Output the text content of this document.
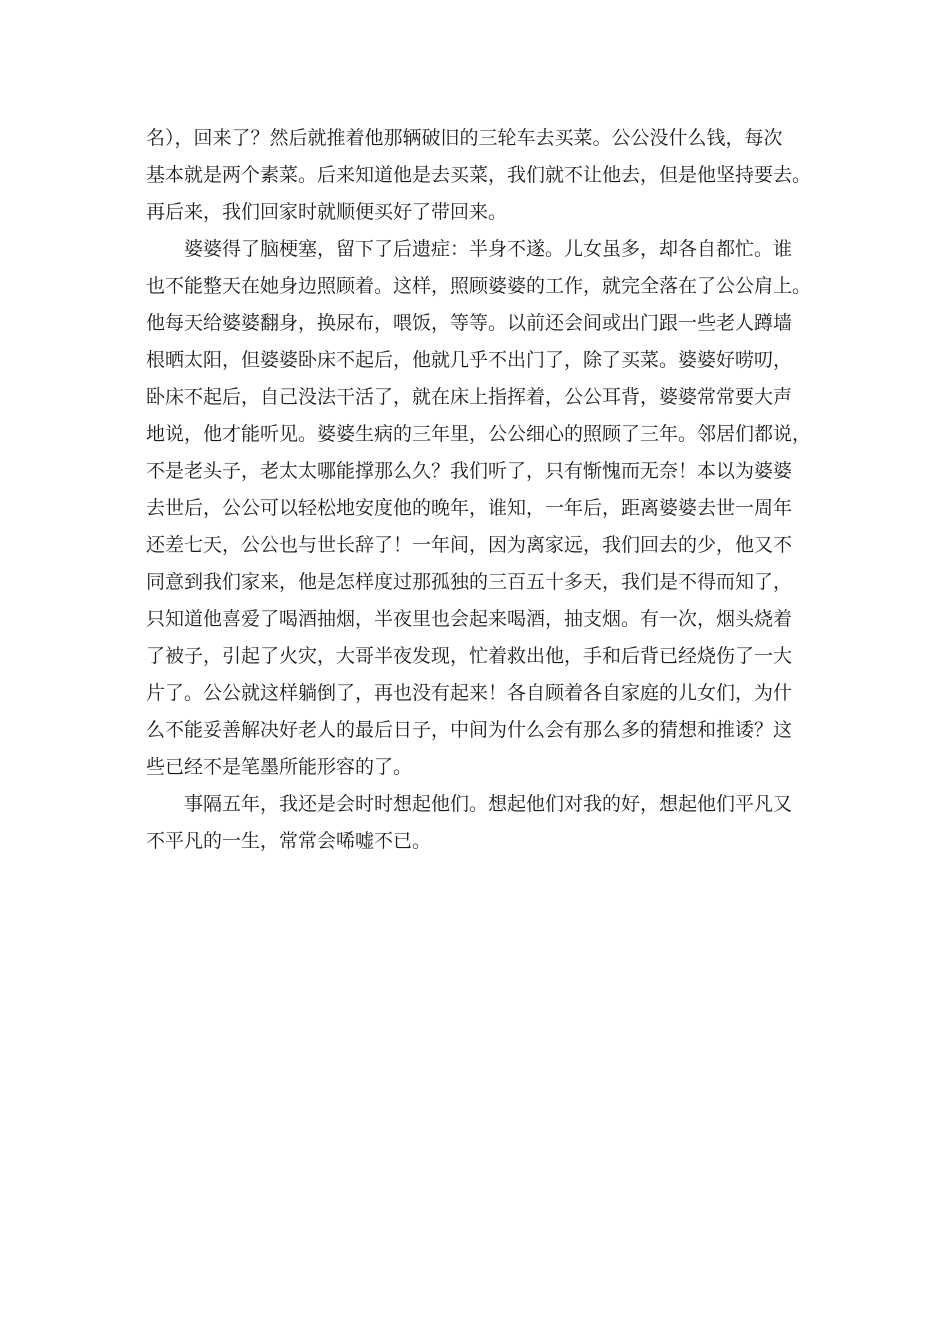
名），回来了？然后就推着他那辆破旧的三轮车去买菜。公公没什么钱，每次

基本就是两个素菜。后来知道他是去买菜，我们就不让他去，但是他坚持要去。

再后来，我们回家时就顺便买好了带回来。

　　婆婆得了脑梗塞，留下了后遗症：半身不遂。儿女虽多，却各自都忙。谁

也不能整天在她身边照顾着。这样，照顾婆婆的工作，就完全落在了公公肩上。

他每天给婆婆翻身，换尿布，喂饭，等等。以前还会间或出门跟一些老人蹲墙

根晒太阳，但婆婆卧床不起后，他就几乎不出门了，除了买菜。婆婆好唠叨，

卧床不起后，自己没法干活了，就在床上指挥着，公公耳背，婆婆常常要大声

地说，他才能听见。婆婆生病的三年里，公公细心的照顾了三年。邻居们都说，

不是老头子，老太太哪能撑那么久？我们听了，只有惭愧而无奈！本以为婆婆

去世后，公公可以轻松地安度他的晚年，谁知，一年后，距离婆婆去世一周年

还差七天，公公也与世长辞了！一年间，因为离家远，我们回去的少，他又不

同意到我们家来，他是怎样度过那孤独的三百五十多天，我们是不得而知了，

只知道他喜爱了喝酒抽烟，半夜里也会起来喝酒，抽支烟。有一次，烟头烧着

了被子，引起了火灾，大哥半夜发现，忙着救出他，手和后背已经烧伤了一大

片了。公公就这样躺倒了，再也没有起来！各自顾着各自家庭的儿女们，为什

么不能妥善解决好老人的最后日子，中间为什么会有那么多的猜想和推诿？这

些已经不是笔墨所能形容的了。

　　事隔五年，我还是会时时想起他们。想起他们对我的好，想起他们平凡又

不平凡的一生，常常会唏嘘不已。
